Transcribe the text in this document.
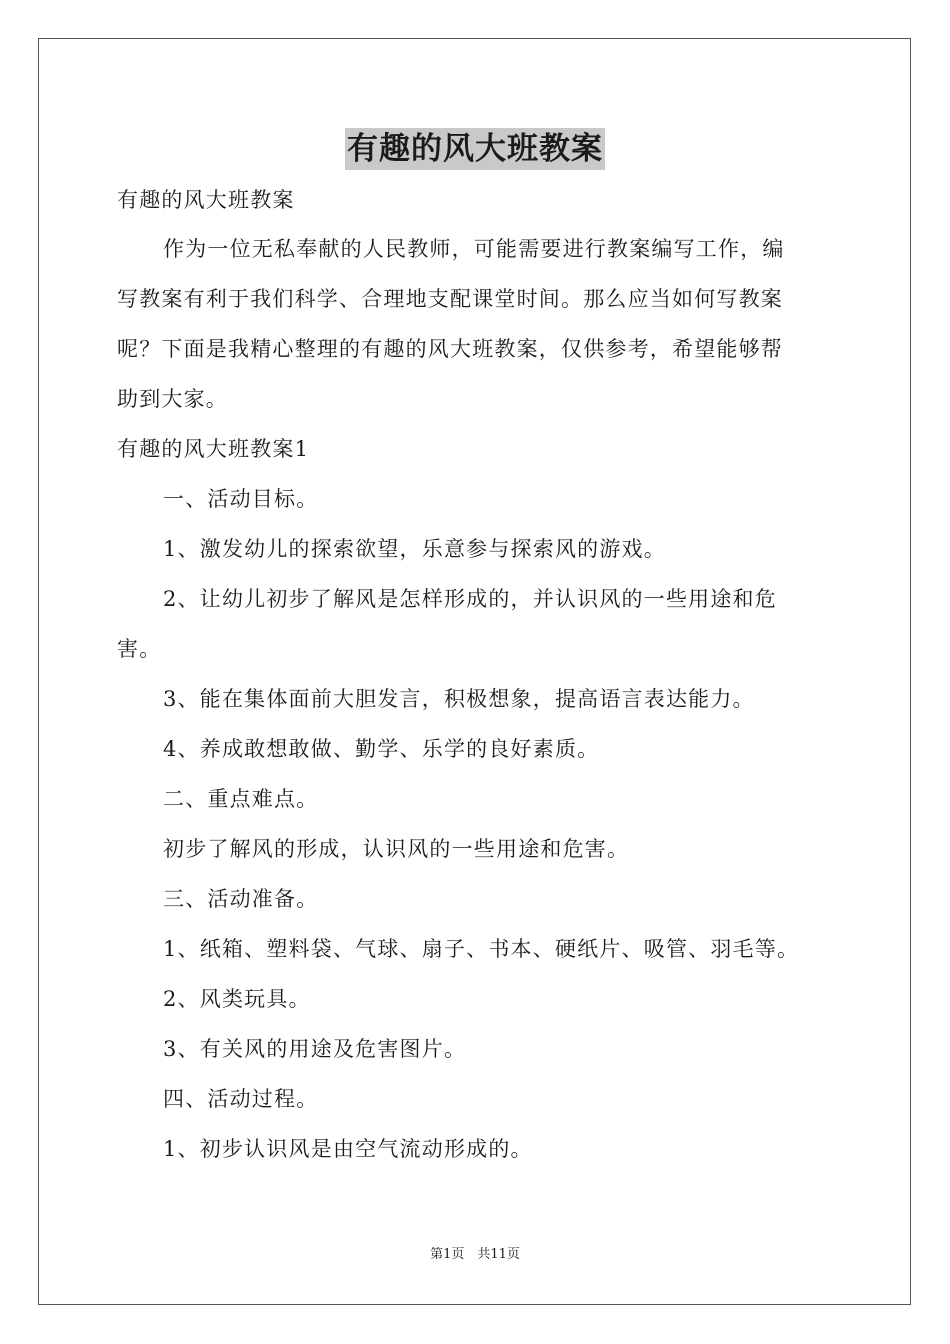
有趣的风大班教案
有趣的风大班教案
作为一位无私奉献的人民教师，可能需要进行教案编写工作，编
写教案有利于我们科学、合理地支配课堂时间。那么应当如何写教案
呢？下面是我精心整理的有趣的风大班教案，仅供参考，希望能够帮
助到大家。
有趣的风大班教案1
一、活动目标。
1、激发幼儿的探索欲望，乐意参与探索风的游戏。
2、让幼儿初步了解风是怎样形成的，并认识风的一些用途和危
害。
3、能在集体面前大胆发言，积极想象，提高语言表达能力。
4、养成敢想敢做、勤学、乐学的良好素质。
二、重点难点。
初步了解风的形成，认识风的一些用途和危害。
三、活动准备。
1、纸箱、塑料袋、气球、扇子、书本、硬纸片、吸管、羽毛等。
2、风类玩具。
3、有关风的用途及危害图片。
四、活动过程。
1、初步认识风是由空气流动形成的。
第1页　共11页
